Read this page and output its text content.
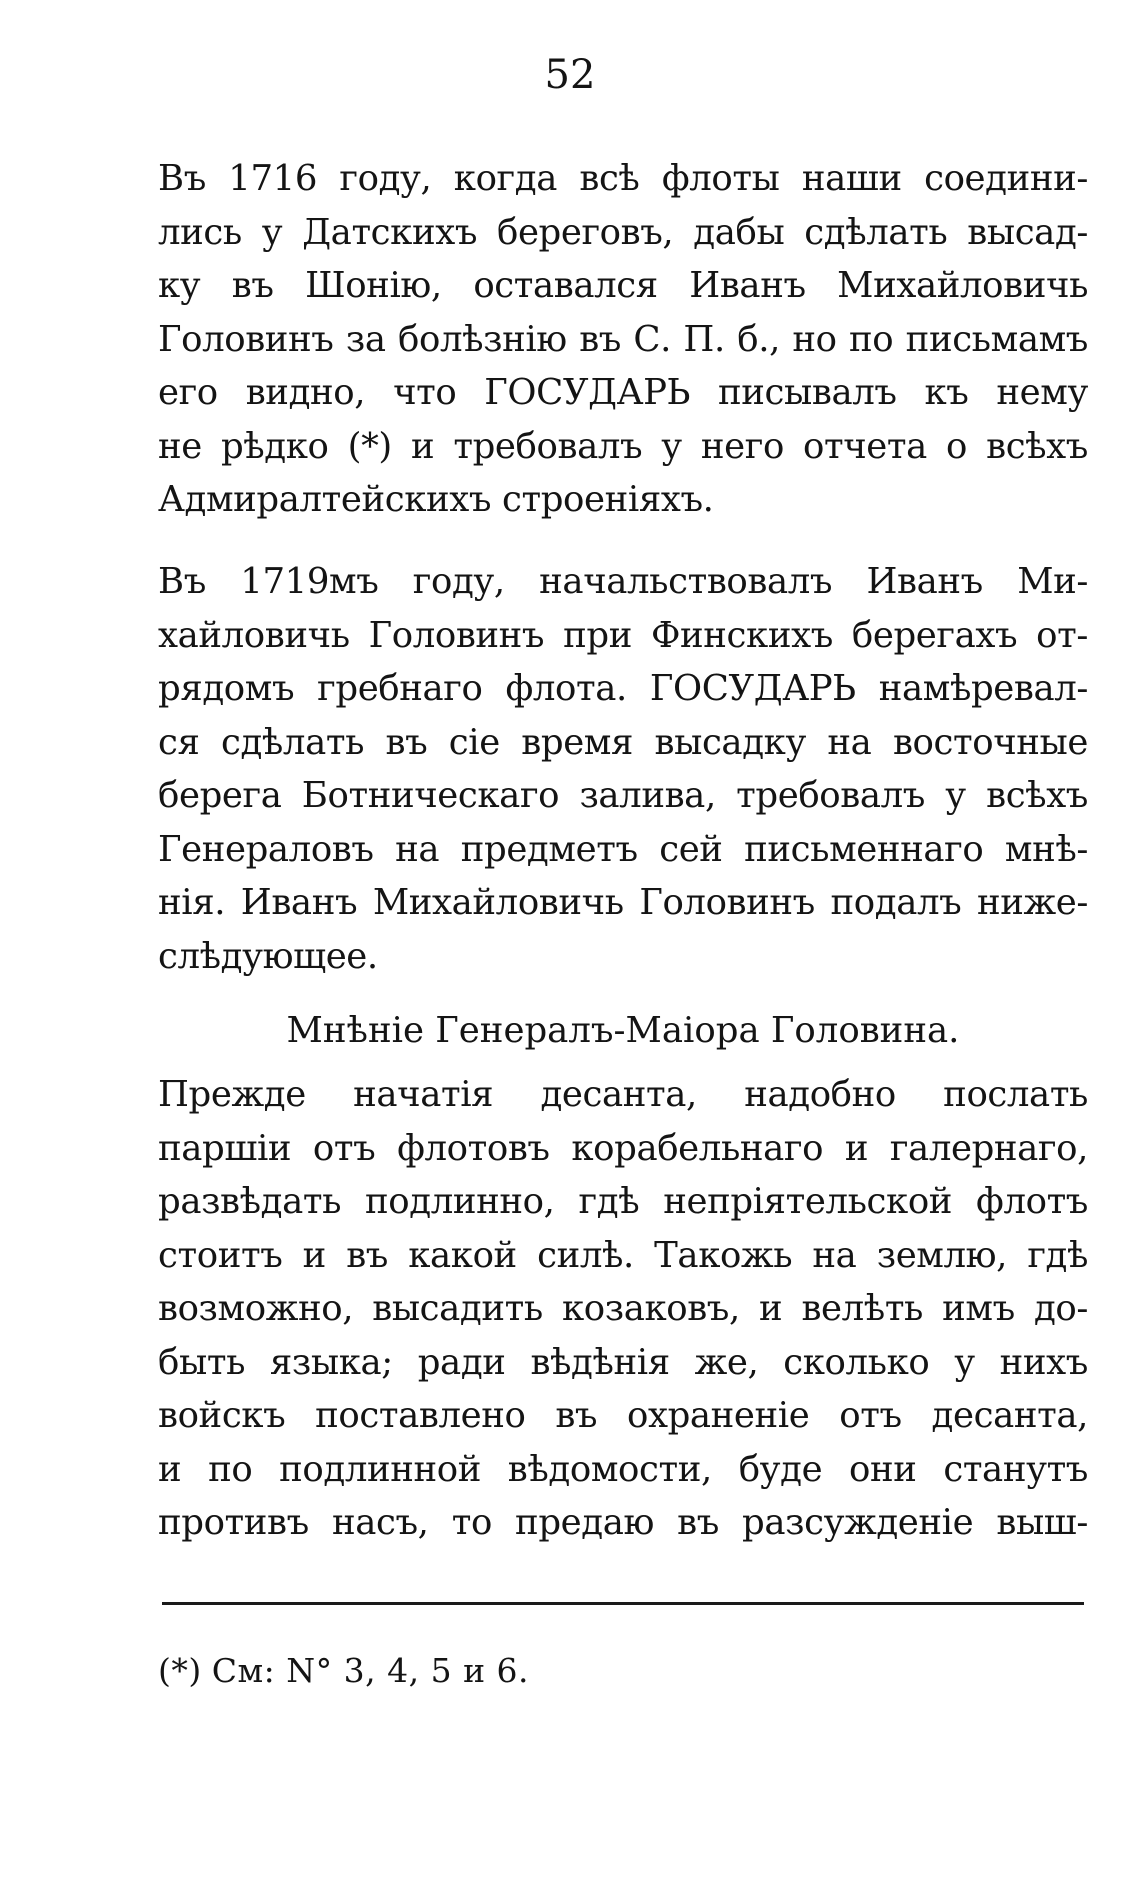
52
Въ 1716 году, когда всѣ флоты наши соедини-
лись у Датскихъ береговъ, дабы сдѣлать высад-
ку въ Шонію, оставался Иванъ Михайловичь
Головинъ за болѣзнію въ С. П. б., но по письмамъ
его видно, что ГОСУДАРЬ писывалъ къ нему
не рѣдко (*) и требовалъ у него отчета о всѣхъ
Адмиралтейскихъ строеніяхъ.
Въ 1719мъ году, начальствовалъ Иванъ Ми-
хайловичь Головинъ при Финскихъ берегахъ от-
рядомъ гребнаго флота. ГОСУДАРЬ намѣревал-
ся сдѣлать въ сіе время высадку на восточные
берега Ботническаго залива, требовалъ у всѣхъ
Генераловъ на предметъ сей письменнаго мнѣ-
нія. Иванъ Михайловичь Головинъ подалъ ниже-
слѣдующее.
Мнѣніе Генералъ-Маіора Головина.
Прежде начатія десанта, надобно послать
паршіи отъ флотовъ корабельнаго и галернаго,
развѣдать подлинно, гдѣ непріятельской флотъ
стоитъ и въ какой силѣ. Такожь на землю, гдѣ
возможно, высадить козаковъ, и велѣть имъ до-
быть языка; ради вѣдѣнія же, сколько у нихъ
войскъ поставлено въ охраненіе отъ десанта,
и по подлинной вѣдомости, буде они станутъ
противъ насъ, то предаю въ разсужденіе выш-
(*) См: N° 3, 4, 5 и 6.
